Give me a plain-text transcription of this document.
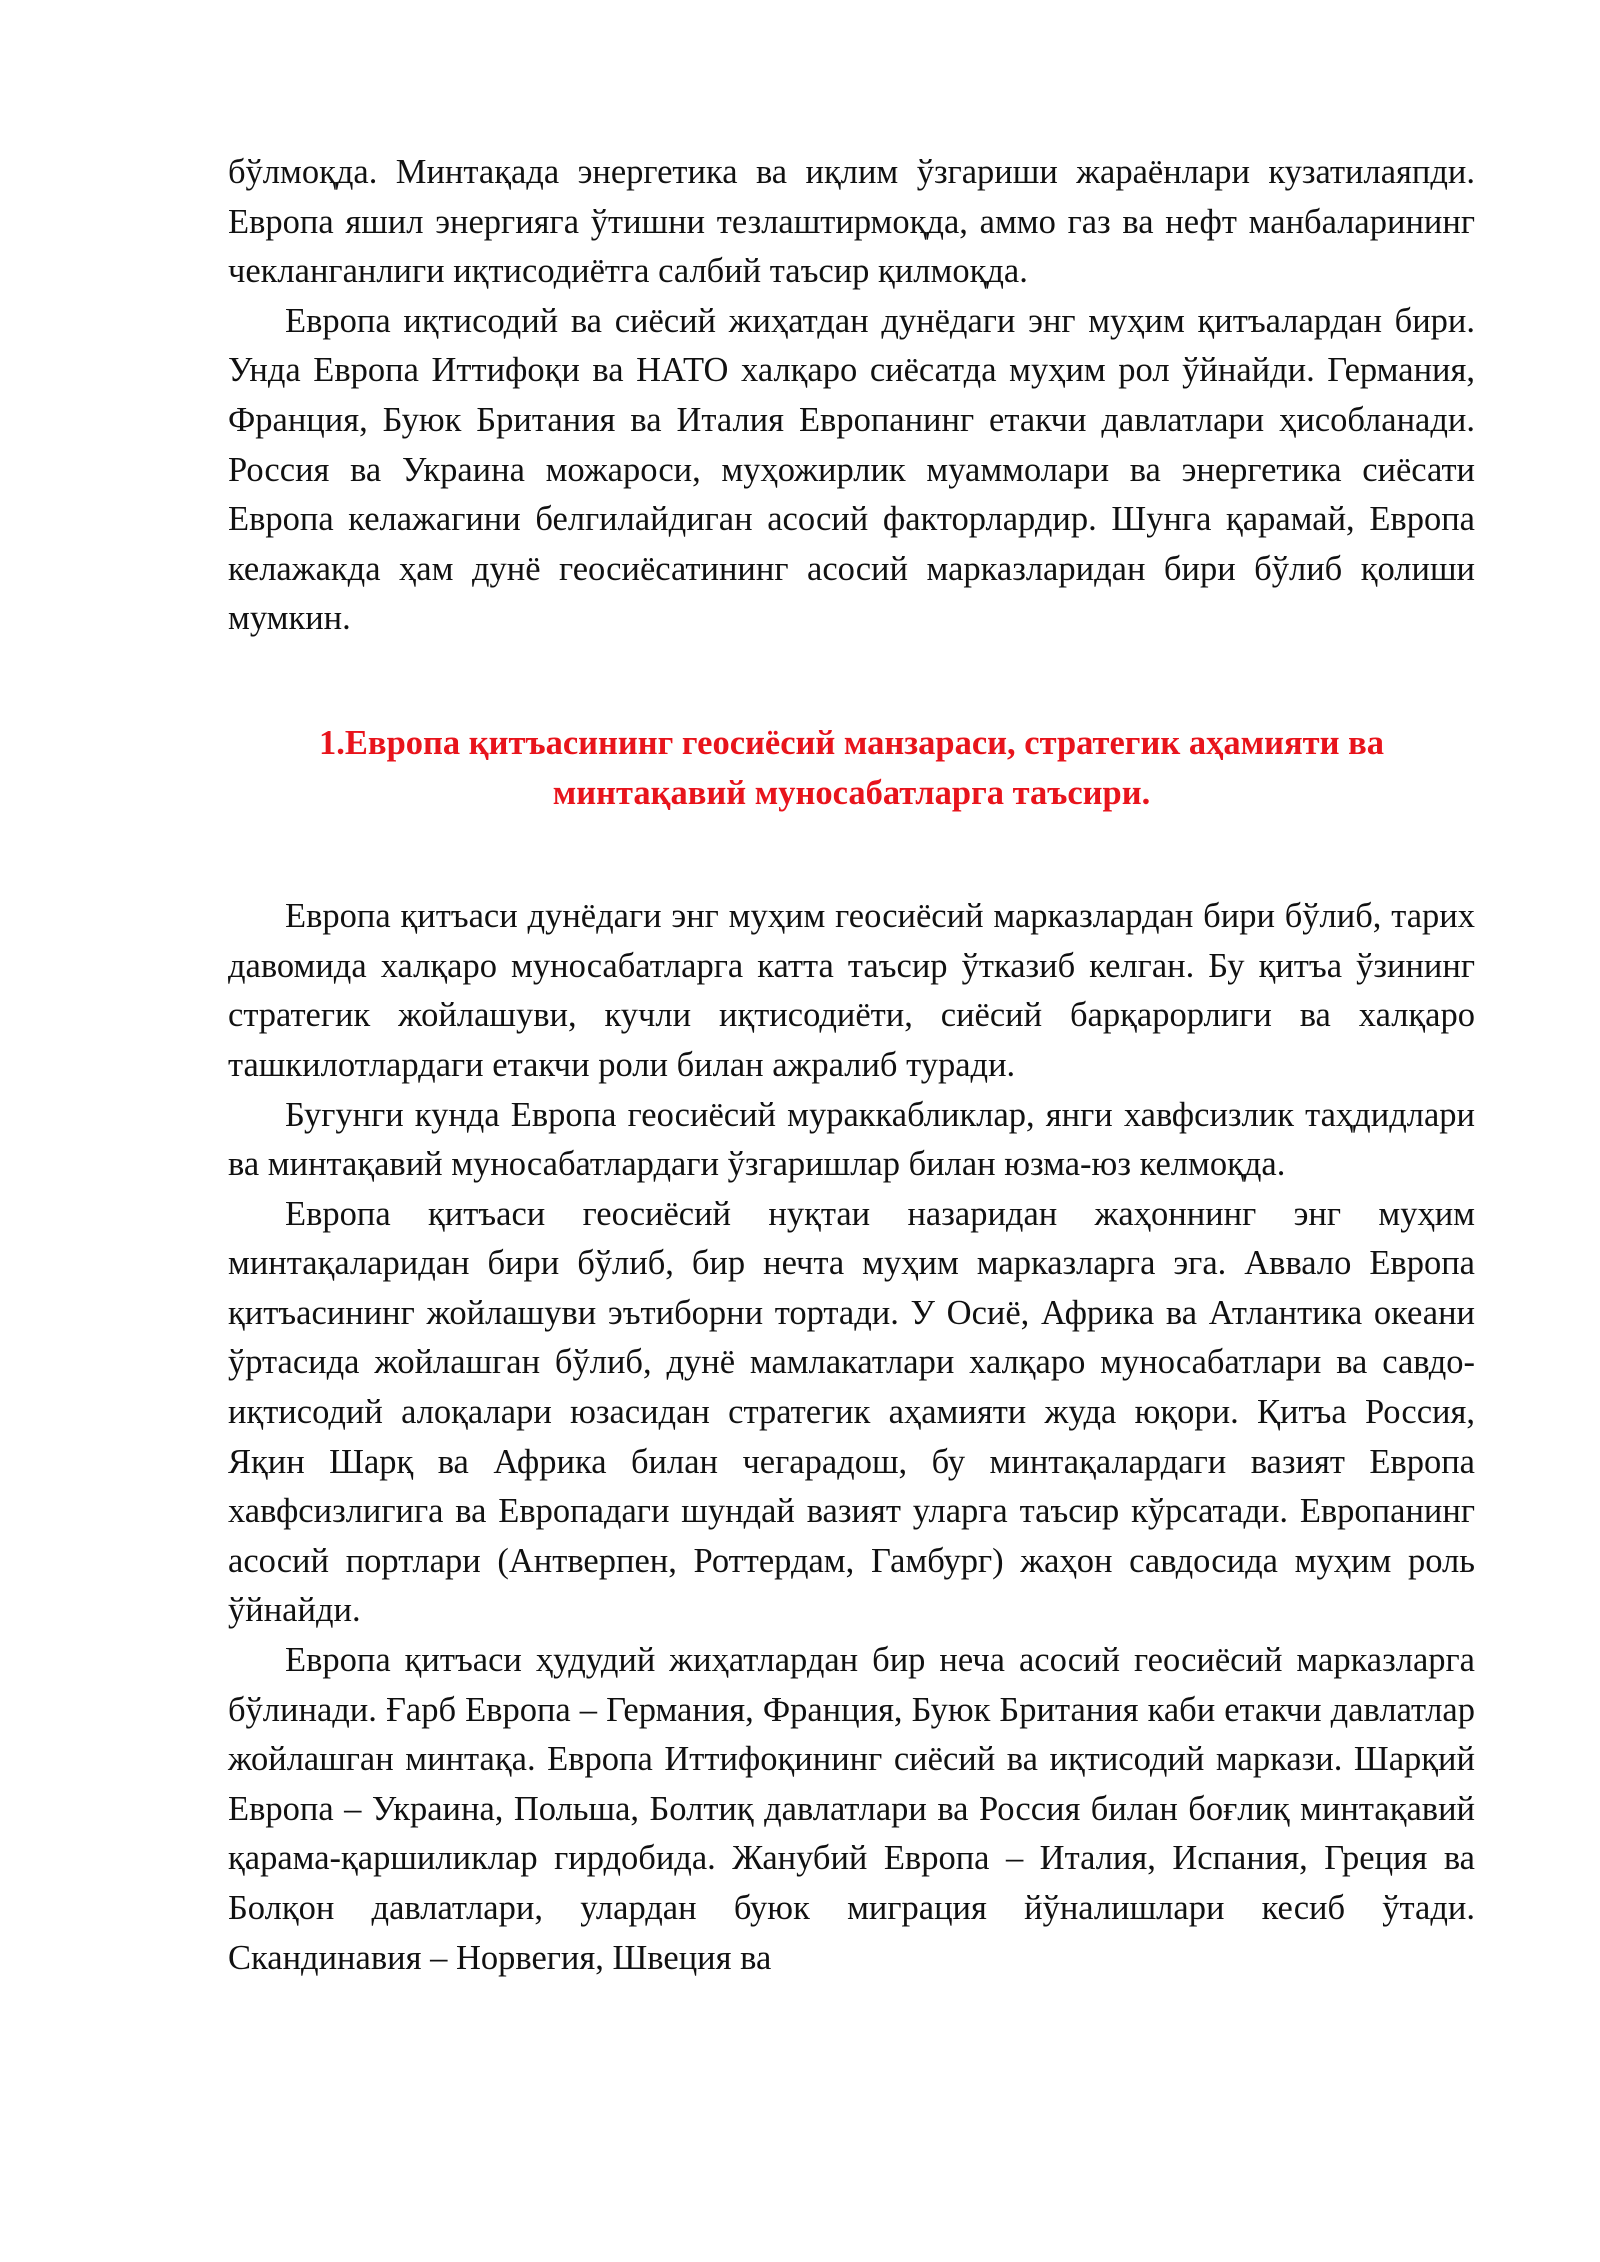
бўлмоқда. Минтақада энергетика ва иқлим ўзгариши жараёнлари кузатилаяпди. Европа яшил энергияга ўтишни тезлаштирмоқда, аммо газ ва нефт манбаларининг чекланганлиги иқтисодиётга салбий таъсир қилмоқда.

Европа иқтисодий ва сиёсий жиҳатдан дунёдаги энг муҳим қитъалардан бири. Унда Европа Иттифоқи ва НАТО халқаро сиёсатда муҳим рол ўйнайди. Германия, Франция, Буюк Британия ва Италия Европанинг етакчи давлатлари ҳисобланади. Россия ва Украина можароси, муҳожирлик муаммолари ва энергетика сиёсати Европа келажагини белгилайдиган асосий факторлардир. Шунга қарамай, Европа келажакда ҳам дунё геосиёсатининг асосий марказларидан бири бўлиб қолиши мумкин.

1.Европа қитъасининг геосиёсий манзараси, стратегик аҳамияти ва
минтақавий муносабатларга таъсири.

Европа қитъаси дунёдаги энг муҳим геосиёсий марказлардан бири бўлиб, тарих давомида халқаро муносабатларга катта таъсир ўтказиб келган. Бу қитъа ўзининг стратегик жойлашуви, кучли иқтисодиёти, сиёсий барқарорлиги ва халқаро ташкилотлардаги етакчи роли билан ажралиб туради.

Бугунги кунда Европа геосиёсий мураккабликлар, янги хавфсизлик таҳдидлари ва минтақавий муносабатлардаги ўзгаришлар билан юзма-юз келмоқда.

Европа қитъаси геосиёсий нуқтаи назаридан жаҳоннинг энг муҳим минтақаларидан бири бўлиб, бир нечта муҳим марказларга эга. Аввало Европа қитъасининг жойлашуви эътиборни тортади. У Осиё, Африка ва Атлантика океани ўртасида жойлашган бўлиб, дунё мамлакатлари халқаро муносабатлари ва савдо-иқтисодий алоқалари юзасидан стратегик аҳамияти жуда юқори. Қитъа Россия, Яқин Шарқ ва Африка билан чегарадош, бу минтақалардаги вазият Европа хавфсизлигига ва Европадаги шундай вазият уларга таъсир кўрсатади. Европанинг асосий портлари (Антверпен, Роттердам, Гамбург) жаҳон савдосида муҳим роль ўйнайди.

Европа қитъаси ҳудудий жиҳатлардан бир неча асосий геосиёсий марказларга бўлинади. Ғарб Европа – Германия, Франция, Буюк Британия каби етакчи давлатлар жойлашган минтақа. Европа Иттифоқининг сиёсий ва иқтисодий маркази. Шарқий Европа – Украина, Польша, Болтиқ давлатлари ва Россия билан боғлиқ минтақавий қарама-қаршиликлар гирдобида. Жанубий Европа – Италия, Испания, Греция ва Болқон давлатлари, улардан буюк миграция йўналишлари кесиб ўтади. Скандинавия – Норвегия, Швеция ва
